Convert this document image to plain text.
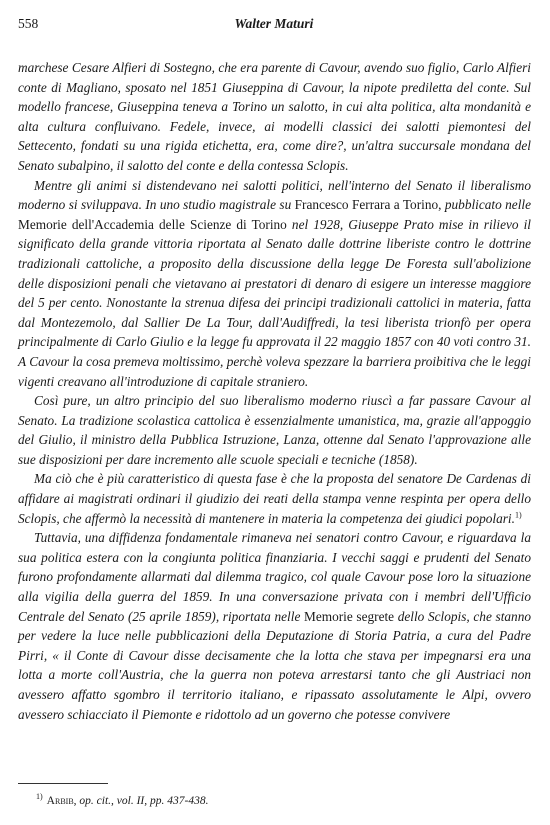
558	Walter Maturi

marchese Cesare Alfieri di Sostegno, che era parente di Cavour, avendo suo figlio, Carlo Alfieri conte di Magliano, sposato nel 1851 Giuseppina di Cavour, la nipote prediletta del conte. Sul modello francese, Giuseppina teneva a Torino un salotto, in cui alta politica, alta mondanità e alta cultura confluivano. Fedele, invece, ai modelli classici dei salotti piemontesi del Settecento, fondati su una rigida etichetta, era, come dire?, un'altra succursale mondana del Senato subalpino, il salotto del conte e della contessa Sclopis.

Mentre gli animi si distendevano nei salotti politici, nell'interno del Senato il liberalismo moderno si sviluppava. In uno studio magistrale su Francesco Ferrara a Torino, pubblicato nelle Memorie dell'Accademia delle Scienze di Torino nel 1928, Giuseppe Prato mise in rilievo il significato della grande vittoria riportata al Senato dalle dottrine liberiste contro le dottrine tradizionali cattoliche, a proposito della discussione della legge De Foresta sull'abolizione delle disposizioni penali che vietavano ai prestatori di denaro di esigere un interesse maggiore del 5 per cento. Nonostante la strenua difesa dei principi tradizionali cattolici in materia, fatta dal Montezemolo, dal Sallier De La Tour, dall'Audiffredi, la tesi liberista trionfò per opera principalmente di Carlo Giulio e la legge fu approvata il 22 maggio 1857 con 40 voti contro 31. A Cavour la cosa premeva moltissimo, perchè voleva spezzare la barriera proibitiva che le leggi vigenti creavano all'introduzione di capitale straniero.

Così pure, un altro principio del suo liberalismo moderno riuscì a far passare Cavour al Senato. La tradizione scolastica cattolica è essenzialmente umanistica, ma, grazie all'appoggio del Giulio, il ministro della Pubblica Istruzione, Lanza, ottenne dal Senato l'approvazione alle sue disposizioni per dare incremento alle scuole speciali e tecniche (1858).

Ma ciò che è più caratteristico di questa fase è che la proposta del senatore De Cardenas di affidare ai magistrati ordinari il giudizio dei reati della stampa venne respinta per opera dello Sclopis, che affermò la necessità di mantenere in materia la competenza dei giudici popolari.$^{1)}$

Tuttavia, una diffidenza fondamentale rimaneva nei senatori contro Cavour, e riguardava la sua politica estera con la congiunta politica finanziaria. I vecchi saggi e prudenti del Senato furono profondamente allarmati dal dilemma tragico, col quale Cavour pose loro la situazione alla vigilia della guerra del 1859. In una conversazione privata con i membri dell'Ufficio Centrale del Senato (25 aprile 1859), riportata nelle Memorie segrete dello Sclopis, che stanno per vedere la luce nelle pubblicazioni della Deputazione di Storia Patria, a cura del Padre Pirri, « il Conte di Cavour disse decisamente che la lotta che stava per impegnarsi era una lotta a morte coll'Austria, che la guerra non poteva arrestarsi tanto che gli Austriaci non avessero affatto sgombro il territorio italiano, e ripassato assolutamente le Alpi, ovvero avessero schiacciato il Piemonte e ridottolo ad un governo che potesse convivere

$^{1)}$ Arbib, op. cit., vol. II, pp. 437-438.
